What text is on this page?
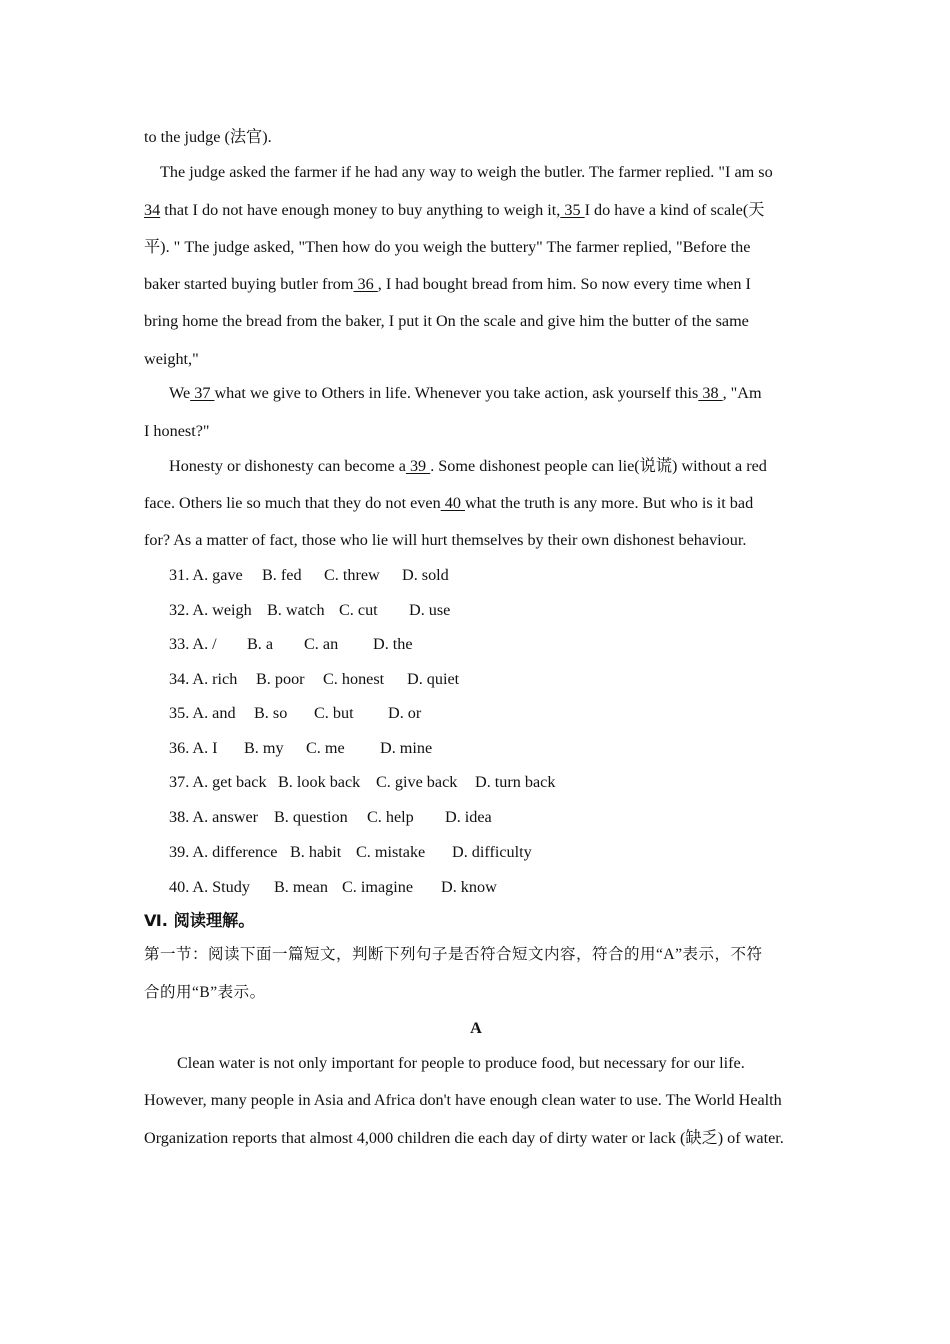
to the judge (法官).
The judge asked the farmer if he had any way to weigh the butler. The farmer replied. "I am so
34 that I do not have enough money to buy anything to weigh it, 35 I do have a kind of scale(天
平). " The judge asked, "Then how do you weigh the buttery" The farmer replied, "Before the
baker started buying butler from 36 , I had bought bread from him. So now every time when I
bring home the bread from the baker, I put it On the scale and give him the butter of the same
weight,"
We 37 what we give to Others in life. Whenever you take action, ask yourself this 38 , "Am
I honest?"
Honesty or dishonesty can become a 39 . Some dishonest people can lie(说谎) without a red
face. Others lie so much that they do not even 40 what the truth is any more. But who is it bad
for? As a matter of fact, those who lie will hurt themselves by their own dishonest behaviour.
31. A. gave B. fed C. threw D. sold
32. A. weigh B. watch C. cut D. use
33. A. / B. a C. an D. the
34. A. rich B. poor C. honest D. quiet
35. A. and B. so C. but D. or
36. A. I B. my C. me D. mine
37. A. get back B. look back C. give back D. turn back
38. A. answer B. question C. help D. idea
39. A. difference B. habit C. mistake D. difficulty
40. A. Study B. mean C. imagine D. know
Ⅵ. 阅读理解。
第一节：阅读下面一篇短文，判断下列句子是否符合短文内容，符合的用“A”表示，不符
合的用“B”表示。
A
Clean water is not only important for people to produce food, but necessary for our life.
However, many people in Asia and Africa don't have enough clean water to use. The World Health
Organization reports that almost 4,000 children die each day of dirty water or lack (缺乏) of water.
